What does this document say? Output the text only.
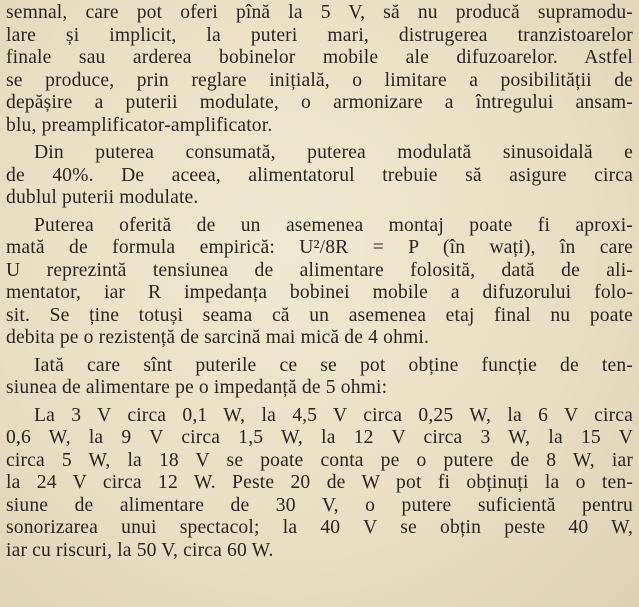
semnal, care pot oferi pînă la 5 V, să nu producă supramodu-
lare și implicit, la puteri mari, distrugerea tranzistoarelor
finale sau arderea bobinelor mobile ale difuzoarelor. Astfel
se produce, prin reglare inițială, o limitare a posibilității de
depășire a puterii modulate, o armonizare a întregului ansam-
blu, preamplificator-amplificator.
Din puterea consumată, puterea modulată sinusoidală e
de 40%. De aceea, alimentatorul trebuie să asigure circa
dublul puterii modulate.
Puterea oferită de un asemenea montaj poate fi aproxi-
mată de formula empirică: U²/8R = P (în wați), în care
U reprezintă tensiunea de alimentare folosită, dată de ali-
mentator, iar R impedanța bobinei mobile a difuzorului folo-
sit. Se ține totuși seama că un asemenea etaj final nu poate
debita pe o rezistență de sarcină mai mică de 4 ohmi.
Iată care sînt puterile ce se pot obține funcție de ten-
siunea de alimentare pe o impedanță de 5 ohmi:
La 3 V circa 0,1 W, la 4,5 V circa 0,25 W, la 6 V circa
0,6 W, la 9 V circa 1,5 W, la 12 V circa 3 W, la 15 V
circa 5 W, la 18 V se poate conta pe o putere de 8 W, iar
la 24 V circa 12 W. Peste 20 de W pot fi obținuți la o ten-
siune de alimentare de 30 V, o putere suficientă pentru
sonorizarea unui spectacol; la 40 V se obțin peste 40 W,
iar cu riscuri, la 50 V, circa 60 W.
